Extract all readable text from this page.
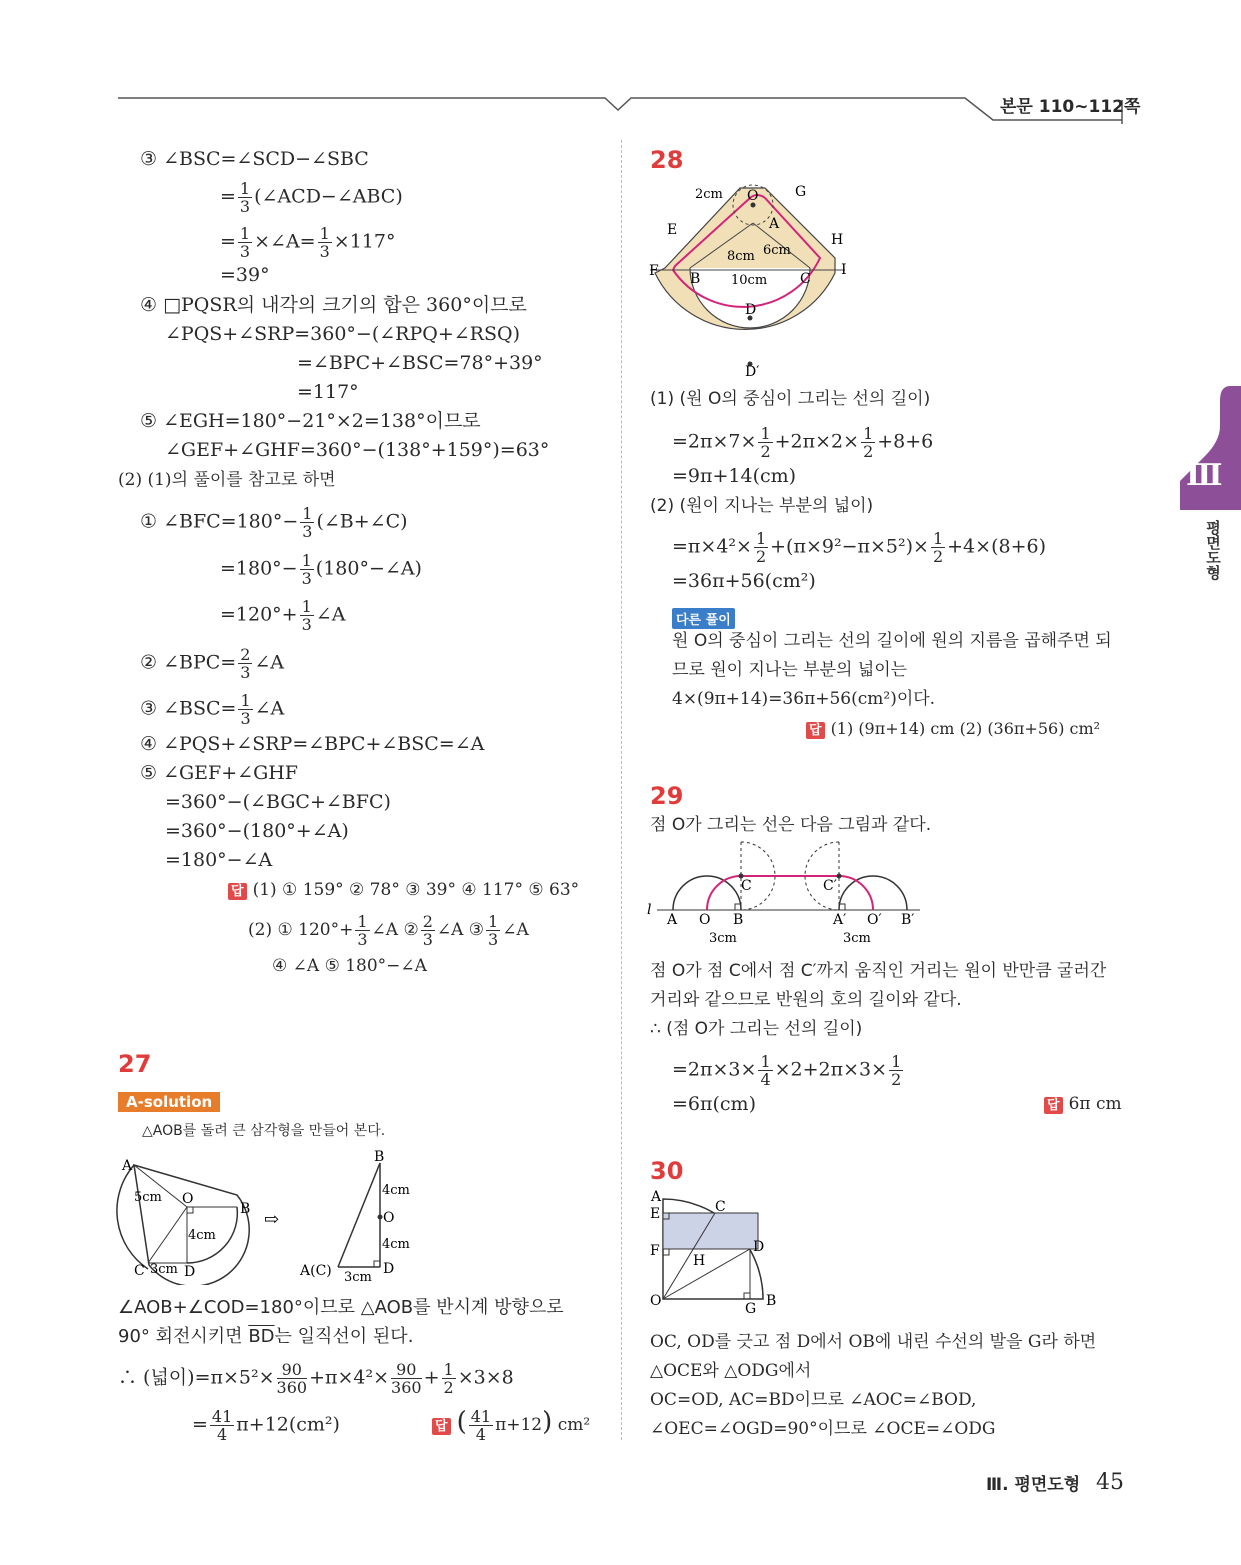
본문 110∼112쪽
Ⅲ
평면도형
③ ∠BSC=∠SCD−∠SBC
= $\frac{1}{3}$ (∠ACD−∠ABC)
= $\frac{1}{3}$ ×∠A= $\frac{1}{3} \times 117^\circ$
=39°
④ □PQSR의 내각의 크기의 합은 360°이므로
∠PQS+∠SRP=360°−(∠RPQ+∠RSQ)
=∠BPC+∠BSC=78°+39°
=117°
⑤ ∠EGH=180°−21°×2=138°이므로
∠GEF+∠GHF=360°−(138°+159°)=63°
(2) (1)의 풀이를 참고로 하면
① ∠BFC=180°− $\frac{1}{3}$ (∠B+∠C)
$=180^\circ- \frac{1}{3}$ (180°−∠A)
$=120^\circ+ \frac{1}{3}$ ∠A
② ∠BPC= $\frac{2}{3}$ ∠A
③ ∠BSC= $\frac{1}{3}$ ∠A
④ ∠PQS+∠SRP=∠BPC+∠BSC=∠A
⑤ ∠GEF+∠GHF
=360°−(∠BGC+∠BFC)
=360°−(180°+∠A)
=180°−∠A
답 (1) ① 159° ② 78° ③ 39° ④ 117° ⑤ 63°
(2) ① $120^\circ+ \frac{1}{3}$ ∠A ② $\frac{2}{3}$ ∠A ③ $\frac{1}{3}$ ∠A
④ ∠A ⑤ 180°−∠A
27
A-solution
△AOB를 돌려 큰 삼각형을 만들어 본다.
A
B
C	D
O
5cm
4cm
3cm
⇨
B
4cm
O
4cm
A(C) 3cm
D
∠AOB+∠COD=180°이므로 △AOB를 반시계 방향으로
90° 회전시키면 $\overline{BD}$는 일직선이 된다.
∴ (넓이)$=\pi\times 5^2\times \frac{90}{360} +\pi\times 4^2\times \frac{90}{360} + \frac{1}{2} \times 3\times 8$
= $\frac{41}{4} \pi+12(cm^2)$	답 ( $\frac{41}{4} \pi+12$) cm²
28
2cm O	G
E	A
H
8cm 6cm
F B 10cm C
I
D
D′
(1) (원 O의 중심이 그리는 선의 길이)
$=2\pi\times 7\times \frac{1}{2} +2\pi\times 2\times \frac{1}{2} +8+6$
=9π+14(cm)
(2) (원이 지나는 부분의 넓이)
$=\pi\times 4^2\times \frac{1}{2} +(\pi\times 9^2-\pi\times 5^2)\times \frac{1}{2} +4\times(8+6)$
=36π+56(cm²)
다른 풀이
원 O의 중심이 그리는 선의 길이에 원의 지름을 곱해주면 되
므로 원이 지나는 부분의 넓이는
4×(9π+14)=36π+56(cm²)이다.
답 (1) (9π+14) cm (2) (36π+56) cm²
29
점 O가 그리는 선은 다음 그림과 같다.
l
A O B
C	C′
A′ O′ B′
3cm	3cm
점 O가 점 C에서 점 C′까지 움직인 거리는 원이 반만큼 굴러간
거리와 같으므로 반원의 호의 길이와 같다.
∴ (점 O가 그리는 선의 길이)
$=2\pi\times 3\times \frac{1}{4} \times 2+2\pi\times 3\times \frac{1}{2}$
=6π(cm)	답 6π cm
30
A
E	C
F	D
H
O	G B
OC, OD를 긋고 점 D에서 OB에 내린 수선의 발을 G라 하면
△OCE와 △ODG에서
OC=OD, AC=BD이므로 ∠AOC=∠BOD,
∠OEC=∠OGD=90°이므로 ∠OCE=∠ODG
Ⅲ. 평면도형 45
